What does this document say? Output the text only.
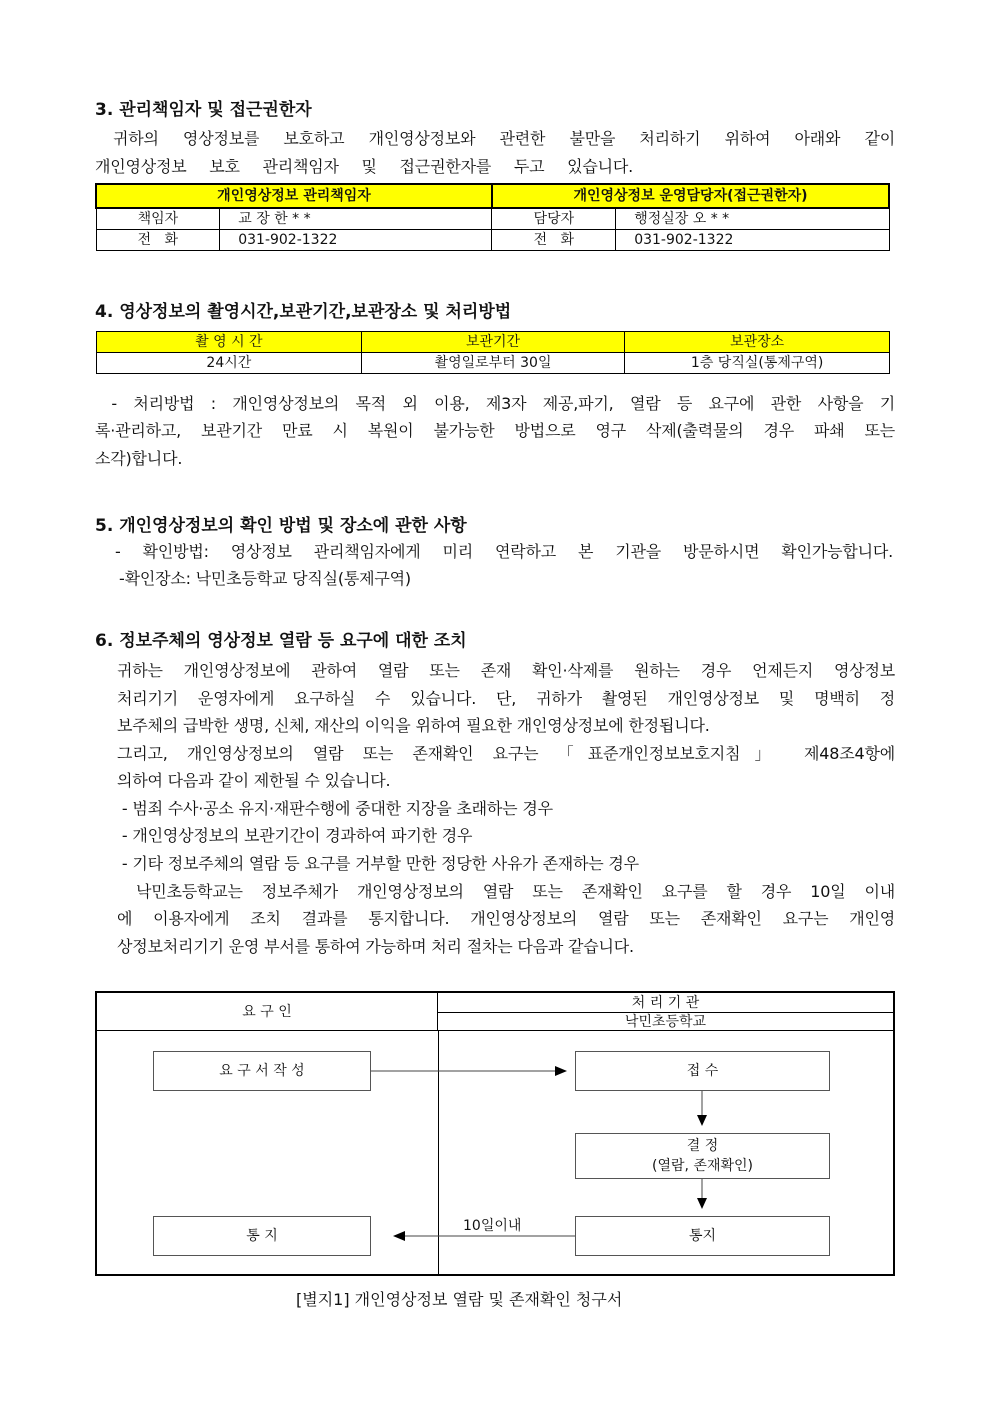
3. 관리책임자 및 접근권한자
귀하의 영상정보를 보호하고 개인영상정보와 관련한 불만을 처리하기 위하여 아래와 같이
개인영상정보 보호 관리책임자 및 접근권한자를 두고 있습니다.
개인영상정보 관리책임자		개인영상정보 운영담당자(접근권한자)	
책임자	교 장 한 * *	담당자	행정실장 오 * *
전   화	031-902-1322	전   화	031-902-1322
4. 영상정보의 촬영시간,보관기간,보관장소 및 처리방법
촬 영 시 간	보관기간	보관장소
24시간	촬영일로부터 30일	1층 당직실(통제구역)
- 처리방법 : 개인영상정보의 목적 외 이용, 제3자 제공,파기, 열람 등 요구에 관한 사항을 기
록·관리하고, 보관기간 만료 시 복원이 불가능한 방법으로 영구 삭제(출력물의 경우 파쇄 또는
소각)합니다.
5. 개인영상정보의 확인 방법 및 장소에 관한 사항
- 확인방법: 영상정보 관리책임자에게 미리 연락하고 본 기관을 방문하시면 확인가능합니다.
-확인장소: 낙민초등학교 당직실(통제구역)
6. 정보주체의 영상정보 열람 등 요구에 대한 조치
귀하는 개인영상정보에 관하여 열람 또는 존재 확인·삭제를 원하는 경우 언제든지 영상정보
처리기기 운영자에게 요구하실 수 있습니다. 단, 귀하가 촬영된 개인영상정보 및 명백히 정
보주체의 급박한 생명, 신체, 재산의 이익을 위하여 필요한 개인영상정보에 한정됩니다.
그리고, 개인영상정보의 열람 또는 존재확인 요구는 「표준개인정보보호지침」 제48조4항에
의하여 다음과 같이 제한될 수 있습니다.
- 범죄 수사·공소 유지·재판수행에 중대한 지장을 초래하는 경우
- 개인영상정보의 보관기간이 경과하여 파기한 경우
- 기타 정보주체의 열람 등 요구를 거부할 만한 정당한 사유가 존재하는 경우
낙민초등학교는 정보주체가 개인영상정보의 열람 또는 존재확인 요구를 할 경우 10일 이내
에 이용자에게 조치 결과를 통지합니다. 개인영상정보의 열람 또는 존재확인 요구는 개인영
상정보처리기기 운영 부서를 통하여 가능하며 처리 절차는 다음과 같습니다.
요 구 인
처 리 기 관
낙민초등학교
요 구 서 작 성	접 수
결 정
(열람, 존재확인)
통지
통 지
10일이내
[별지1] 개인영상정보 열람 및 존재확인 청구서
